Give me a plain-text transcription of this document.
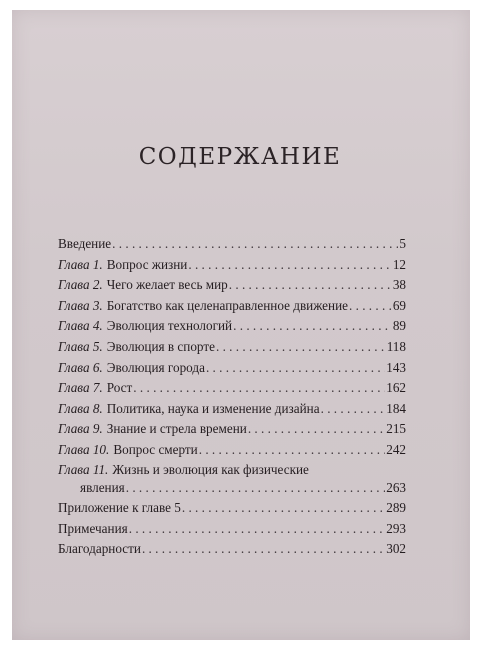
СОДЕРЖАНИЕ
Введение . . .	5
Глава 1. Вопрос жизни . . .	12
Глава 2. Чего желает весь мир . . .	38
Глава 3. Богатство как целенаправленное движение . . .	69
Глава 4. Эволюция технологий . . .	89
Глава 5. Эволюция в спорте . . .	118
Глава 6. Эволюция города . . .	143
Глава 7. Рост . . .	162
Глава 8. Политика, наука и изменение дизайна . . .	184
Глава 9. Знание и стрела времени . . .	215
Глава 10. Вопрос смерти . . .	242
Глава 11. Жизнь и эволюция как физические
явления . . .	263
Приложение к главе 5 . . .	289
Примечания . . .	293
Благодарности . . .	302
